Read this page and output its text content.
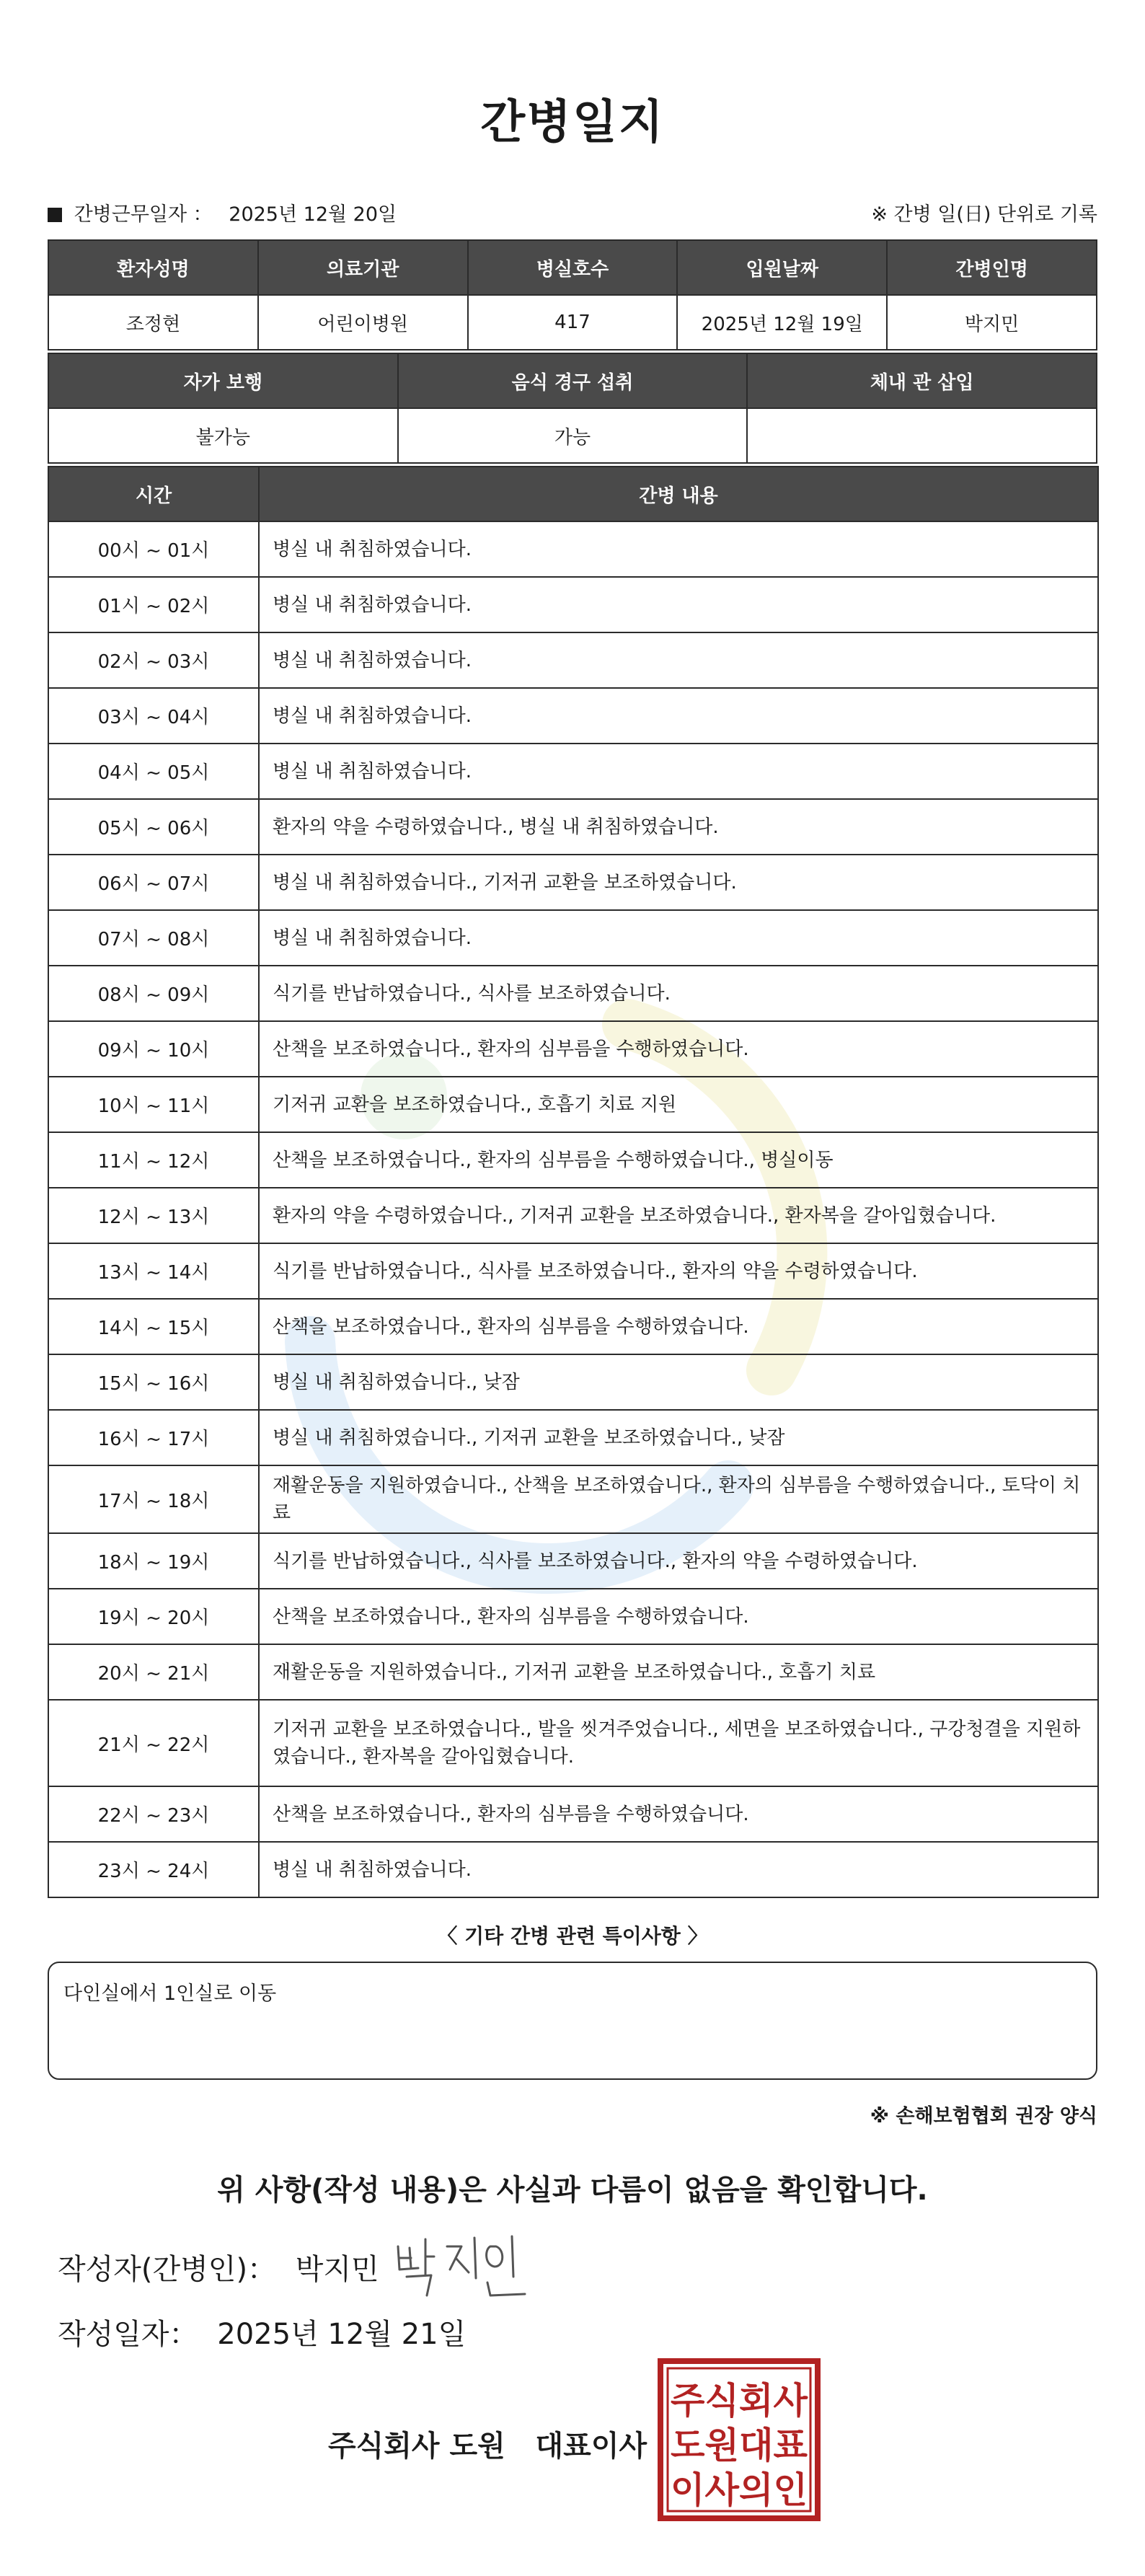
간병일지
간병근무일자 ： 2025년 12월 20일	※ 간병 일(日) 단위로 기록
환자성명	의료기관	병실호수	입원날짜	간병인명
조정현	어린이병원	417	2025년 12월 19일	박지민
자가 보행	음식 경구 섭취	체내 관 삽입
불가능	가능	
시간	간병 내용
00시 ~ 01시	병실 내 취침하였습니다.
01시 ~ 02시	병실 내 취침하였습니다.
02시 ~ 03시	병실 내 취침하였습니다.
03시 ~ 04시	병실 내 취침하였습니다.
04시 ~ 05시	병실 내 취침하였습니다.
05시 ~ 06시	환자의 약을 수령하였습니다., 병실 내 취침하였습니다.
06시 ~ 07시	병실 내 취침하였습니다., 기저귀 교환을 보조하였습니다.
07시 ~ 08시	병실 내 취침하였습니다.
08시 ~ 09시	식기를 반납하였습니다., 식사를 보조하였습니다.
09시 ~ 10시	산책을 보조하였습니다., 환자의 심부름을 수행하였습니다.
10시 ~ 11시	기저귀 교환을 보조하였습니다., 호흡기 치료 지원
11시 ~ 12시	산책을 보조하였습니다., 환자의 심부름을 수행하였습니다., 병실이동
12시 ~ 13시	환자의 약을 수령하였습니다., 기저귀 교환을 보조하였습니다., 환자복을 갈아입혔습니다.
13시 ~ 14시	식기를 반납하였습니다., 식사를 보조하였습니다., 환자의 약을 수령하였습니다.
14시 ~ 15시	산책을 보조하였습니다., 환자의 심부름을 수행하였습니다.
15시 ~ 16시	병실 내 취침하였습니다., 낮잠
16시 ~ 17시	병실 내 취침하였습니다., 기저귀 교환을 보조하였습니다., 낮잠
17시 ~ 18시	재활운동을 지원하였습니다., 산책을 보조하였습니다., 환자의 심부름을 수행하였습니다., 토닥이 치료
18시 ~ 19시	식기를 반납하였습니다., 식사를 보조하였습니다., 환자의 약을 수령하였습니다.
19시 ~ 20시	산책을 보조하였습니다., 환자의 심부름을 수행하였습니다.
20시 ~ 21시	재활운동을 지원하였습니다., 기저귀 교환을 보조하였습니다., 호흡기 치료
21시 ~ 22시	기저귀 교환을 보조하였습니다., 발을 씻겨주었습니다., 세면을 보조하였습니다., 구강청결을 지원하였습니다., 환자복을 갈아입혔습니다.
22시 ~ 23시	산책을 보조하였습니다., 환자의 심부름을 수행하였습니다.
23시 ~ 24시	병실 내 취침하였습니다.
〈 기타 간병 관련 특이사항 〉
다인실에서 1인실로 이동
※ 손해보험협회 권장 양식
위 사항(작성 내용)은 사실과 다름이 없음을 확인합니다.
작성자(간병인)： 박지민
작성일자： 2025년 12월 21일
주식회사 도원   대표이사
주식회사
도원대표
이사의인
